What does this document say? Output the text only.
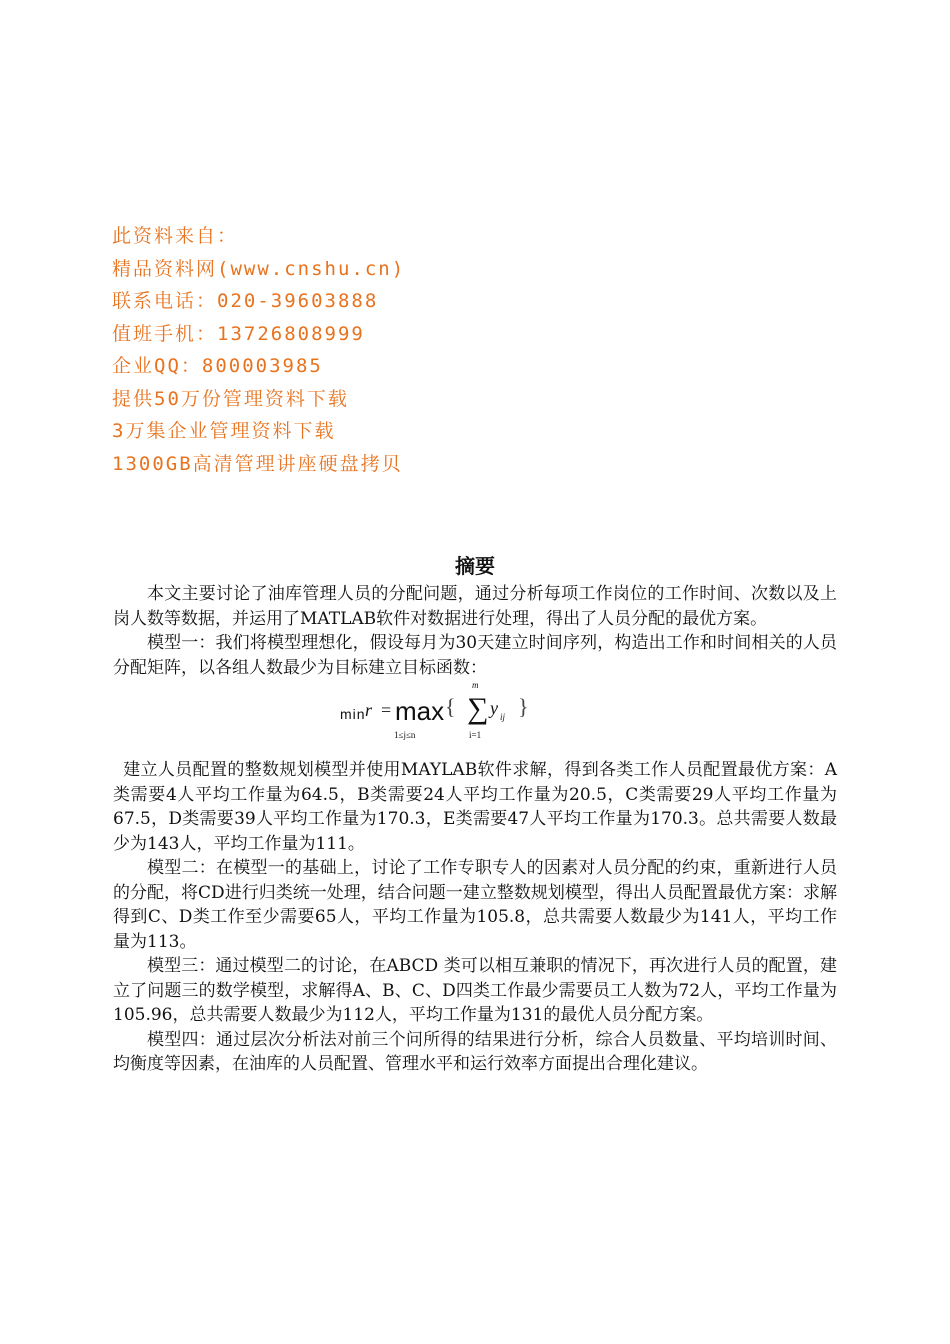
此资料来自：
精品资料网(www.cnshu.cn)
联系电话：020-39603888
值班手机：13726808999
企业QQ：800003985
提供50万份管理资料下载
3万集企业管理资料下载
1300GB高清管理讲座硬盘拷贝
摘要

本文主要讨论了油库管理人员的分配问题，通过分析每项工作岗位的工作时间、次数以及上岗人数等数据，并运用了MATLAB软件对数据进行处理，得出了人员分配的最优方案。

模型一：我们将模型理想化，假设每月为30天建立时间序列，构造出工作和时间相关的人员分配矩阵，以各组人数最少为目标建立目标函数：

min r = max
1≤j≤n
{
m
∑
i=1
y ij }

建立人员配置的整数规划模型并使用MAYLAB软件求解，得到各类工作人员配置最优方案：A类需要4人平均工作量为64.5，B类需要24人平均工作量为20.5，C类需要29人平均工作量为67.5，D类需要39人平均工作量为170.3，E类需要47人平均工作量为170.3。总共需要人数最少为143人，平均工作量为111。

模型二：在模型一的基础上，讨论了工作专职专人的因素对人员分配的约束，重新进行人员的分配，将CD进行归类统一处理，结合问题一建立整数规划模型，得出人员配置最优方案：求解得到C、D类工作至少需要65人，平均工作量为105.8，总共需要人数最少为141人，平均工作量为113。

模型三：通过模型二的讨论，在ABCD 类可以相互兼职的情况下，再次进行人员的配置，建立了问题三的数学模型，求解得A、B、C、D四类工作最少需要员工人数为72人，平均工作量为105.96，总共需要人数最少为112人，平均工作量为131的最优人员分配方案。

模型四：通过层次分析法对前三个问所得的结果进行分析，综合人员数量、平均培训时间、均衡度等因素，在油库的人员配置、管理水平和运行效率方面提出合理化建议。
